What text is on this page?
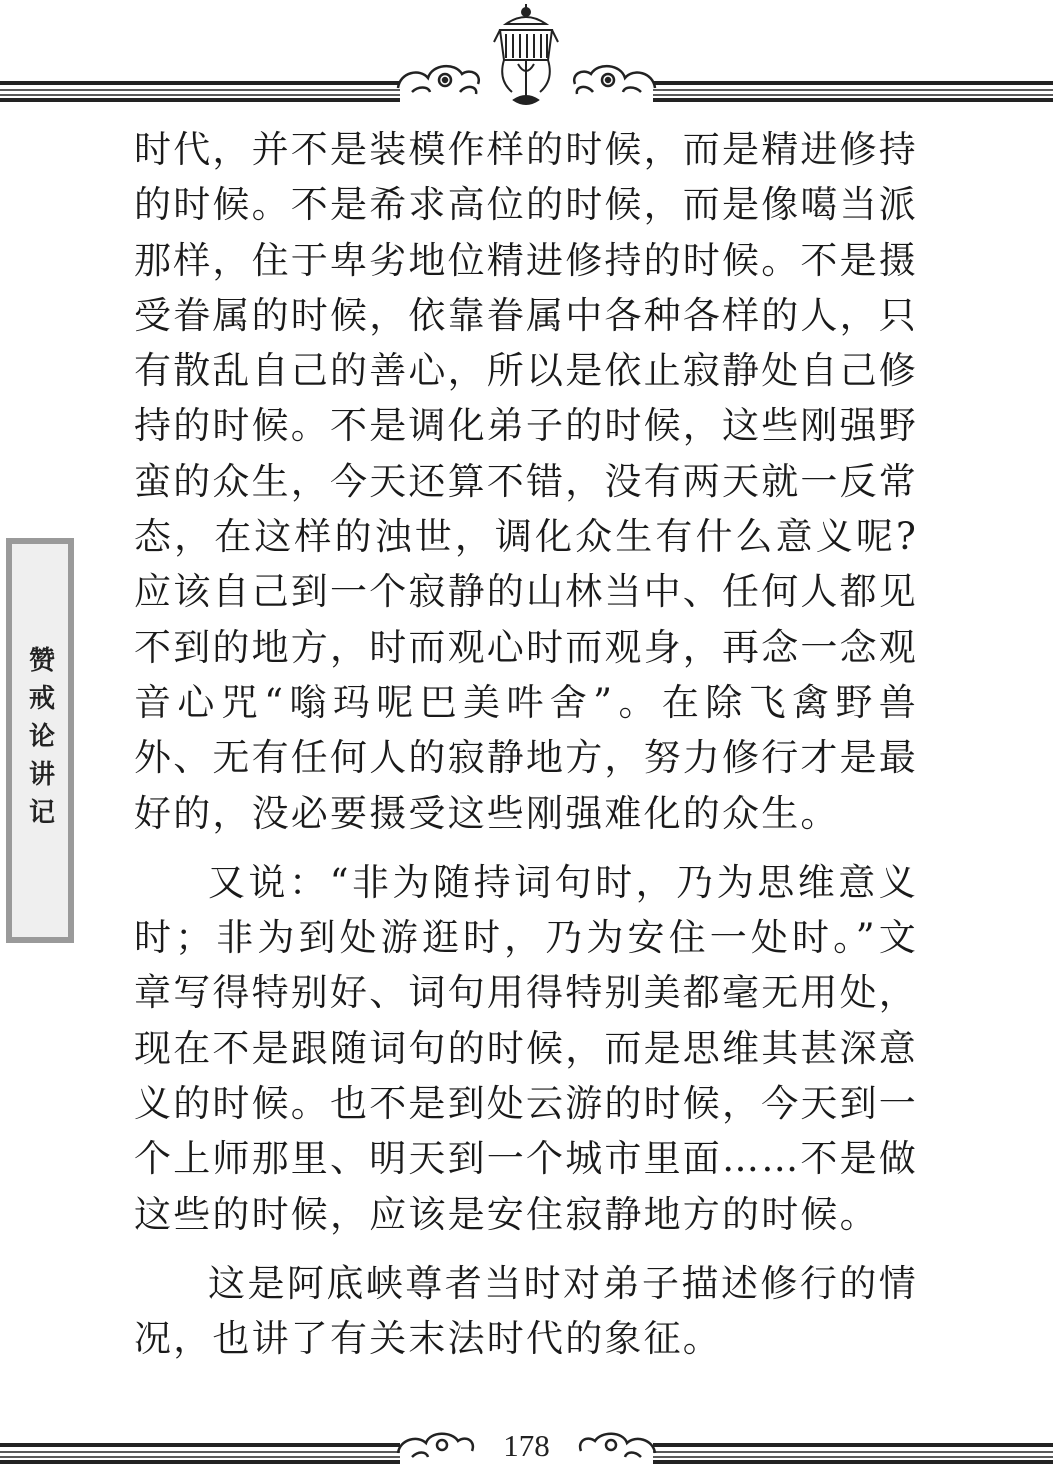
赞戒论讲记

时代，并不是装模作样的时候，而是精进修持的时候。不是希求高位的时候，而是像噶当派那样，住于卑劣地位精进修持的时候。不是摄受眷属的时候，依靠眷属中各种各样的人，只有散乱自己的善心，所以是依止寂静处自己修持的时候。不是调化弟子的时候，这些刚强野蛮的众生，今天还算不错，没有两天就一反常态，在这样的浊世，调化众生有什么意义呢?应该自己到一个寂静的山林当中、任何人都见不到的地方，时而观心时而观身，再念一念观音心咒“嗡玛呢巴美吽舍”。在除飞禽野兽外、无有任何人的寂静地方，努力修行才是最好的，没必要摄受这些刚强难化的众生。

又说：“非为随持词句时，乃为思维意义时；非为到处游逛时，乃为安住一处时。”文章写得特别好、词句用得特别美都毫无用处，现在不是跟随词句的时候，而是思维其甚深意义的时候。也不是到处云游的时候，今天到一个上师那里、明天到一个城市里面……不是做这些的时候，应该是安住寂静地方的时候。

这是阿底峡尊者当时对弟子描述修行的情况，也讲了有关末法时代的象征。

178
